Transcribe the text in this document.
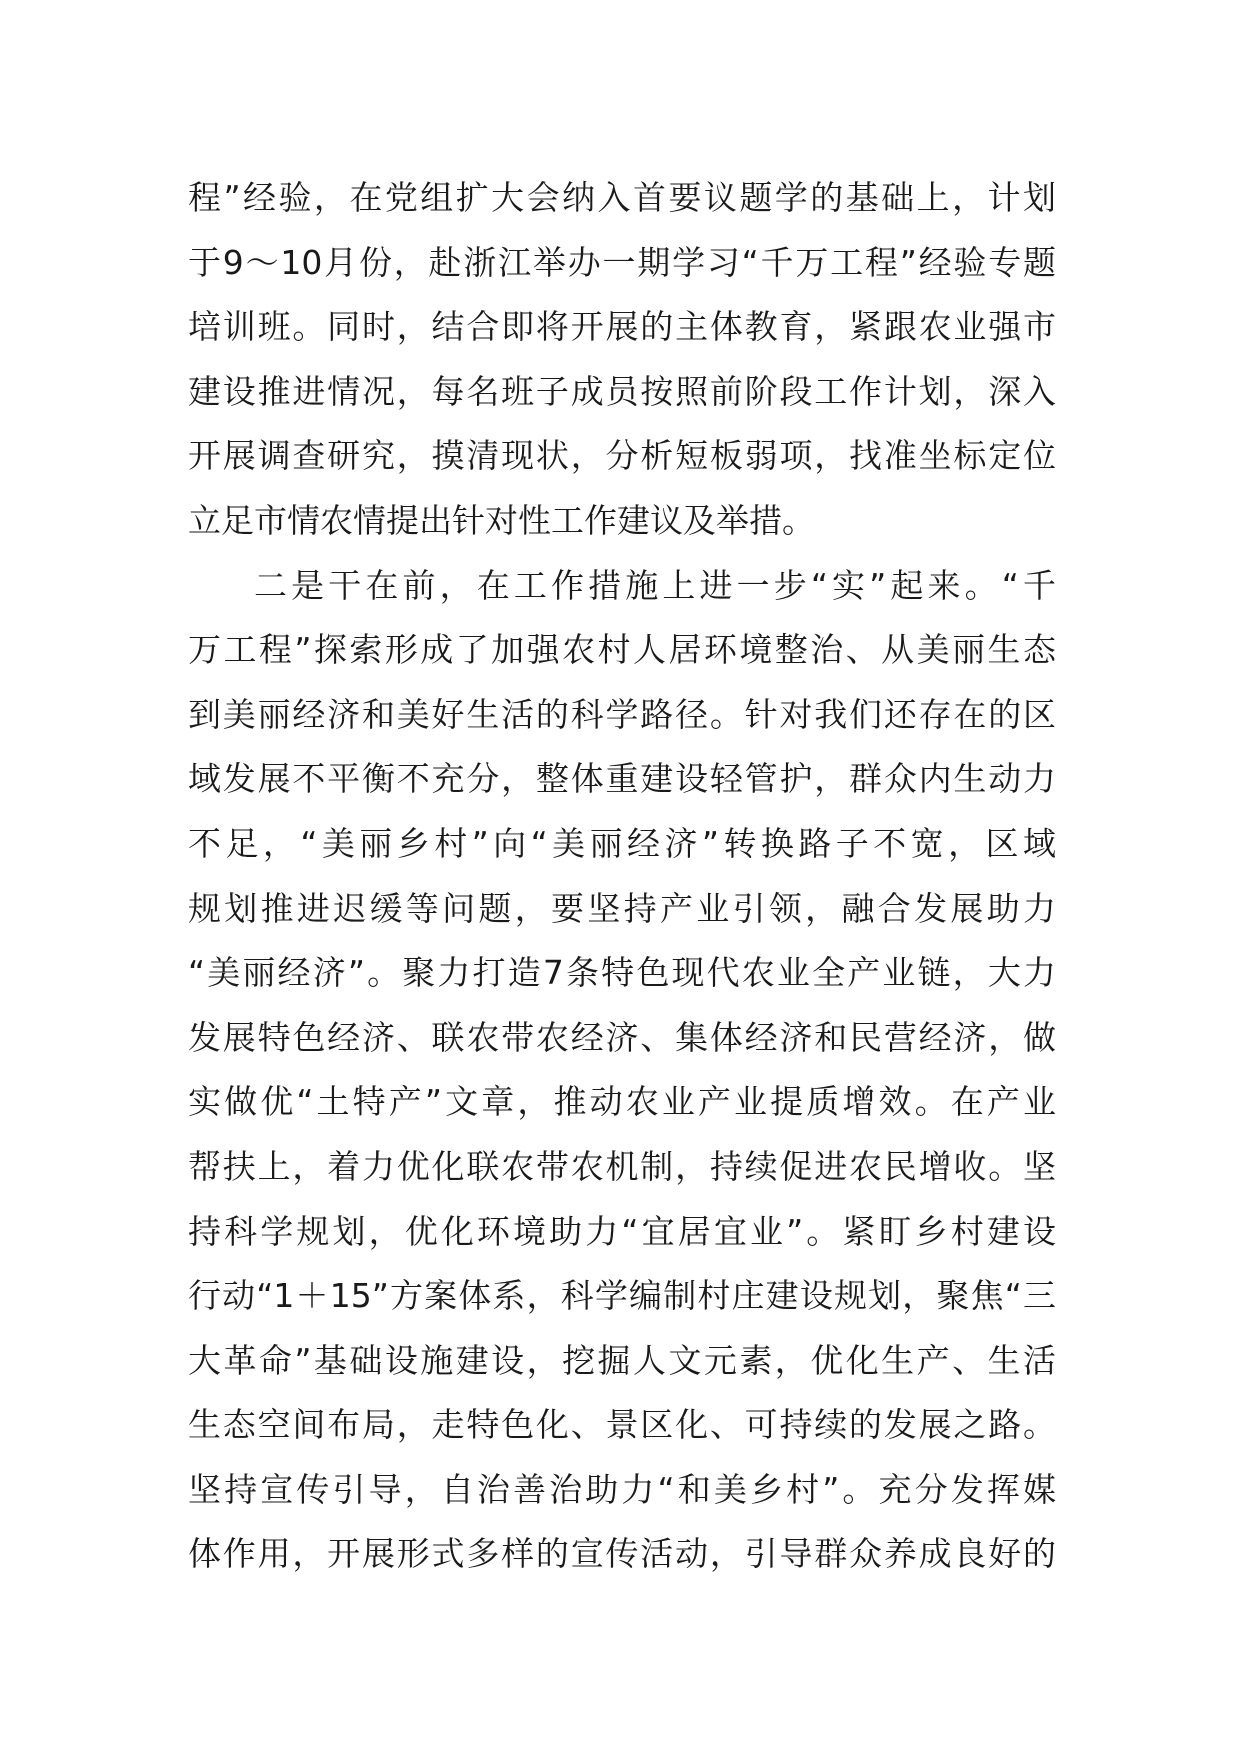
程”经验，在党组扩大会纳入首要议题学的基础上，计划
于9～10月份，赴浙江举办一期学习“千万工程”经验专题
培训班。同时，结合即将开展的主体教育，紧跟农业强市
建设推进情况，每名班子成员按照前阶段工作计划，深入
开展调查研究，摸清现状，分析短板弱项，找准坐标定位
立足市情农情提出针对性工作建议及举措。
二是干在前，在工作措施上进一步“实”起来。“千
万工程”探索形成了加强农村人居环境整治、从美丽生态
到美丽经济和美好生活的科学路径。针对我们还存在的区
域发展不平衡不充分，整体重建设轻管护，群众内生动力
不足，“美丽乡村”向“美丽经济”转换路子不宽，区域
规划推进迟缓等问题，要坚持产业引领，融合发展助力
“美丽经济”。聚力打造7条特色现代农业全产业链，大力
发展特色经济、联农带农经济、集体经济和民营经济，做
实做优“土特产”文章，推动农业产业提质增效。在产业
帮扶上，着力优化联农带农机制，持续促进农民增收。坚
持科学规划，优化环境助力“宜居宜业”。紧盯乡村建设
行动“1＋15”方案体系，科学编制村庄建设规划，聚焦“三
大革命”基础设施建设，挖掘人文元素，优化生产、生活
生态空间布局，走特色化、景区化、可持续的发展之路。
坚持宣传引导，自治善治助力“和美乡村”。充分发挥媒
体作用，开展形式多样的宣传活动，引导群众养成良好的
